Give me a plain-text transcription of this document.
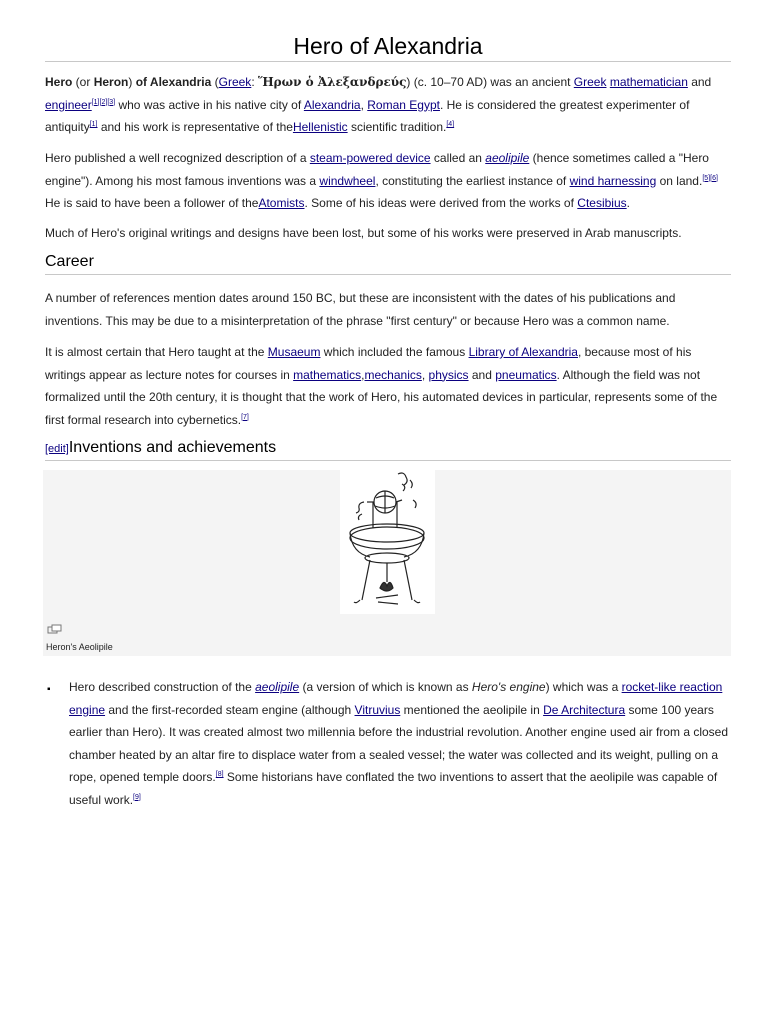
Hero of Alexandria

Hero (or Heron) of Alexandria (Greek: Ἥρων ὁ Ἀλεξανδρεύς) (c. 10–70 AD) was an ancient Greek mathematician and engineer[1][2][3] who was active in his native city of Alexandria, Roman Egypt. He is considered the greatest experimenter of antiquity[1] and his work is representative of theHellenistic scientific tradition.[4]

Hero published a well recognized description of a steam-powered device called an aeolipile (hence sometimes called a "Hero engine"). Among his most famous inventions was a windwheel, constituting the earliest instance of wind harnessing on land.[5][6] He is said to have been a follower of theAtomists. Some of his ideas were derived from the works of Ctesibius.

Much of Hero's original writings and designs have been lost, but some of his works were preserved in Arab manuscripts.

Career

A number of references mention dates around 150 BC, but these are inconsistent with the dates of his publications and inventions. This may be due to a misinterpretation of the phrase "first century" or because Hero was a common name.

It is almost certain that Hero taught at the Musaeum which included the famous Library of Alexandria, because most of his writings appear as lecture notes for courses in mathematics,mechanics, physics and pneumatics. Although the field was not formalized until the 20th century, it is thought that the work of Hero, his automated devices in particular, represents some of the first formal research into cybernetics.[7]

[edit]Inventions and achievements
Heron's Aeolipile
▪ Hero described construction of the aeolipile (a version of which is known as Hero's engine) which was a rocket-like reaction engine and the first-recorded steam engine (although Vitruvius mentioned the aeolipile in De Architectura some 100 years earlier than Hero). It was created almost two millennia before the industrial revolution. Another engine used air from a closed chamber heated by an altar fire to displace water from a sealed vessel; the water was collected and its weight, pulling on a rope, opened temple doors.[8] Some historians have conflated the two inventions to assert that the aeolipile was capable of useful work.[9]
